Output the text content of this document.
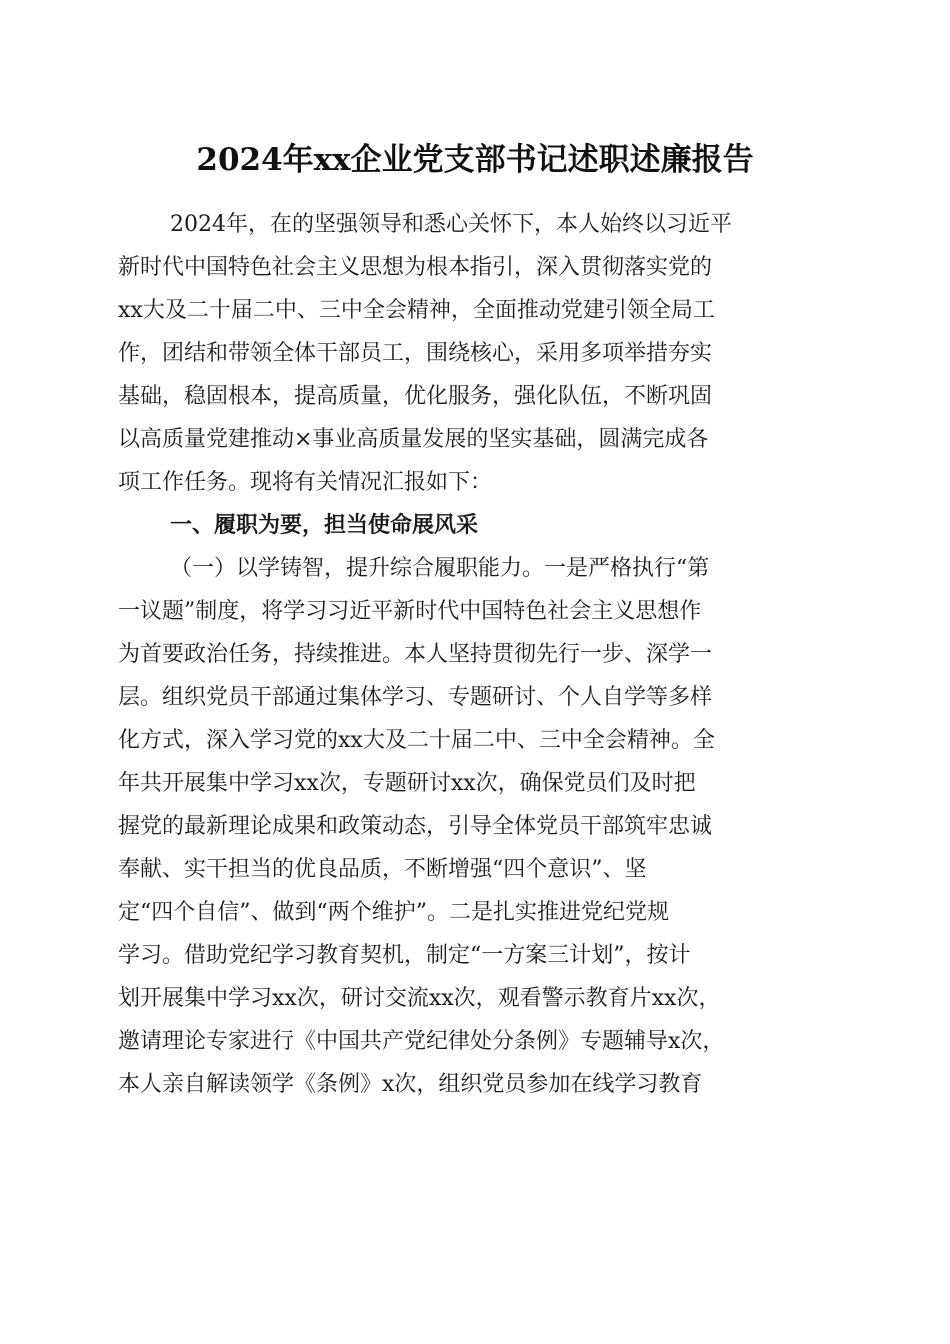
2024年xx企业党支部书记述职述廉报告
2024年，在的坚强领导和悉心关怀下，本人始终以习近平
新时代中国特色社会主义思想为根本指引，深入贯彻落实党的
xx大及二十届二中、三中全会精神，全面推动党建引领全局工
作，团结和带领全体干部员工，围绕核心，采用多项举措夯实
基础，稳固根本，提高质量，优化服务，强化队伍，不断巩固
以高质量党建推动×事业高质量发展的坚实基础，圆满完成各
项工作任务。现将有关情况汇报如下：
一、履职为要，担当使命展风采
（一）以学铸智，提升综合履职能力。一是严格执行“第
一议题”制度，将学习习近平新时代中国特色社会主义思想作
为首要政治任务，持续推进。本人坚持贯彻先行一步、深学一
层。组织党员干部通过集体学习、专题研讨、个人自学等多样
化方式，深入学习党的xx大及二十届二中、三中全会精神。全
年共开展集中学习xx次，专题研讨xx次，确保党员们及时把
握党的最新理论成果和政策动态，引导全体党员干部筑牢忠诚
奉献、实干担当的优良品质，不断增强“四个意识”、坚
定“四个自信”、做到“两个维护”。二是扎实推进党纪党规
学习。借助党纪学习教育契机，制定“一方案三计划”，按计
划开展集中学习xx次，研讨交流xx次，观看警示教育片xx次，
邀请理论专家进行《中国共产党纪律处分条例》专题辅导x次，
本人亲自解读领学《条例》x次，组织党员参加在线学习教育
